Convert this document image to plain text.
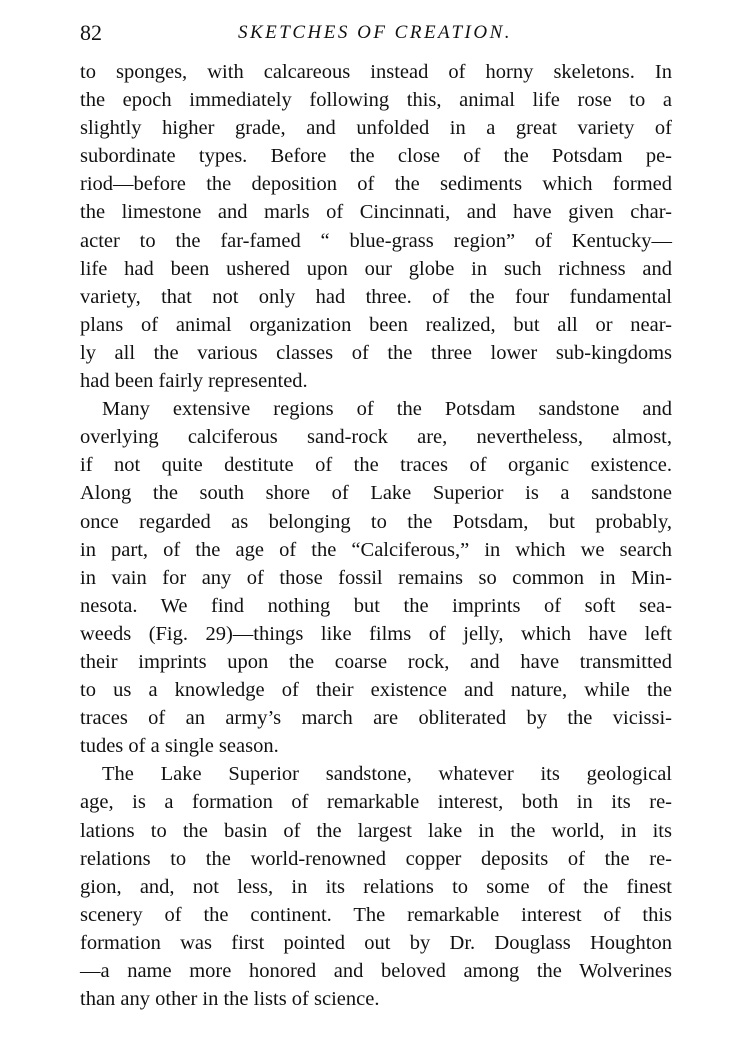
82	SKETCHES OF CREATION.

to sponges, with calcareous instead of horny skeletons. In
the epoch immediately following this, animal life rose to a
slightly higher grade, and unfolded in a great variety of
subordinate types. Before the close of the Potsdam pe-
riod—before the deposition of the sediments which formed
the limestone and marls of Cincinnati, and have given char-
acter to the far-famed “ blue-grass region” of Kentucky—
life had been ushered upon our globe in such richness and
variety, that not only had three. of the four fundamental
plans of animal organization been realized, but all or near-
ly all the various classes of the three lower sub-kingdoms
had been fairly represented.

Many extensive regions of the Potsdam sandstone and
overlying calciferous sand-rock are, nevertheless, almost,
if not quite destitute of the traces of organic existence.
Along the south shore of Lake Superior is a sandstone
once regarded as belonging to the Potsdam, but probably,
in part, of the age of the “Calciferous,” in which we search
in vain for any of those fossil remains so common in Min-
nesota. We find nothing but the imprints of soft sea-
weeds (Fig. 29)—things like films of jelly, which have left
their imprints upon the coarse rock, and have transmitted
to us a knowledge of their existence and nature, while the
traces of an army’s march are obliterated by the vicissi-
tudes of a single season.

The Lake Superior sandstone, whatever its geological
age, is a formation of remarkable interest, both in its re-
lations to the basin of the largest lake in the world, in its
relations to the world-renowned copper deposits of the re-
gion, and, not less, in its relations to some of the finest
scenery of the continent. The remarkable interest of this
formation was first pointed out by Dr. Douglass Houghton
—a name more honored and beloved among the Wolverines
than any other in the lists of science.
